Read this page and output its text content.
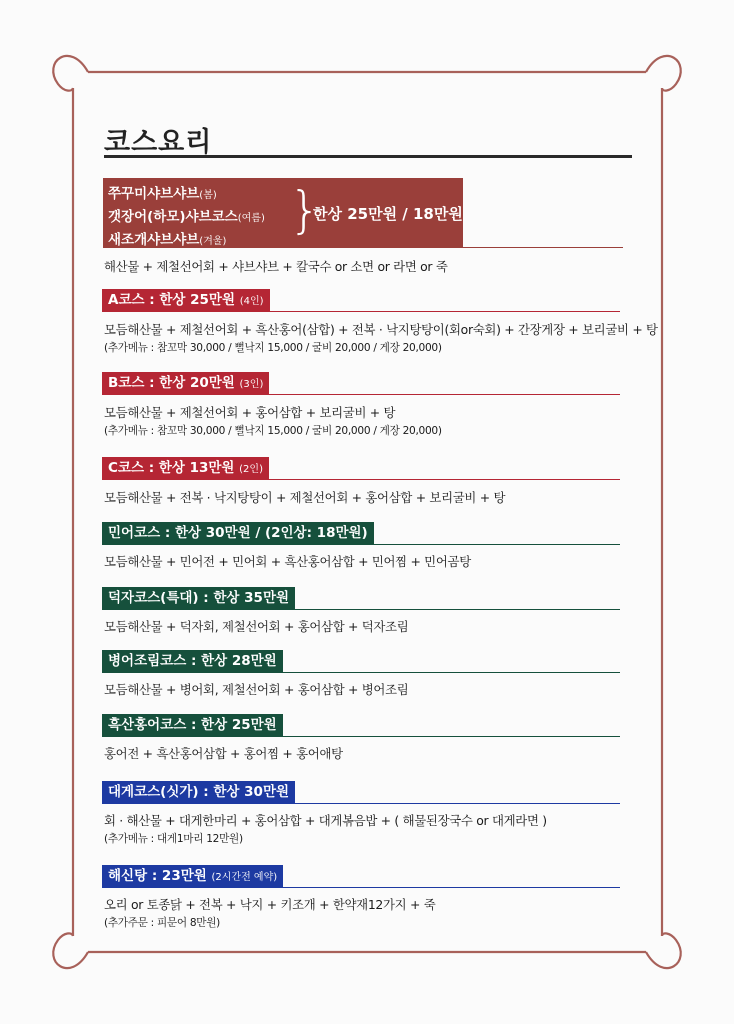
코스요리
쭈꾸미샤브샤브(봄)
갯장어(하모)샤브코스(여름)
새조개샤브샤브(겨울)
}
한상 25만원 / 18만원
해산물 + 제철선어회 + 샤브샤브 + 칼국수 or 소면 or 라면 or 죽
A코스 : 한상 25만원 (4인)
모듬해산물 + 제철선어회 + 흑산홍어(삼합) + 전복 · 낙지탕탕이(회or숙회) + 간장게장 + 보리굴비 + 탕
(추가메뉴 : 참꼬막 30,000 / 뻘낙지 15,000 / 굴비 20,000 / 게장 20,000)
B코스 : 한상 20만원 (3인)
모듬해산물 + 제철선어회 + 홍어삼합 + 보리굴비 + 탕
(추가메뉴 : 참꼬막 30,000 / 뻘낙지 15,000 / 굴비 20,000 / 게장 20,000)
C코스 : 한상 13만원 (2인)
모듬해산물 + 전복 · 낙지탕탕이 + 제철선어회 + 홍어삼합 + 보리굴비 + 탕
민어코스 : 한상 30만원 / (2인상: 18만원)
모듬해산물 + 민어전 + 민어회 + 흑산홍어삼합 + 민어찜 + 민어곰탕
덕자코스(특대) : 한상 35만원
모듬해산물 + 덕자회, 제철선어회 + 홍어삼합 + 덕자조림
병어조림코스 : 한상 28만원
모듬해산물 + 병어회, 제철선어회 + 홍어삼합 + 병어조림
흑산홍어코스 : 한상 25만원
홍어전 + 흑산홍어삼합 + 홍어찜 + 홍어애탕
대게코스(싯가) : 한상 30만원
회 · 해산물 + 대게한마리 + 홍어삼합 + 대게볶음밥 + ( 해물된장국수 or 대게라면 )
(추가메뉴 : 대게1마리 12만원)
해신탕 : 23만원 (2시간전 예약)
오리 or 토종닭 + 전복 + 낙지 + 키조개 + 한약재12가지 + 죽
(추가주문 : 피문어 8만원)
